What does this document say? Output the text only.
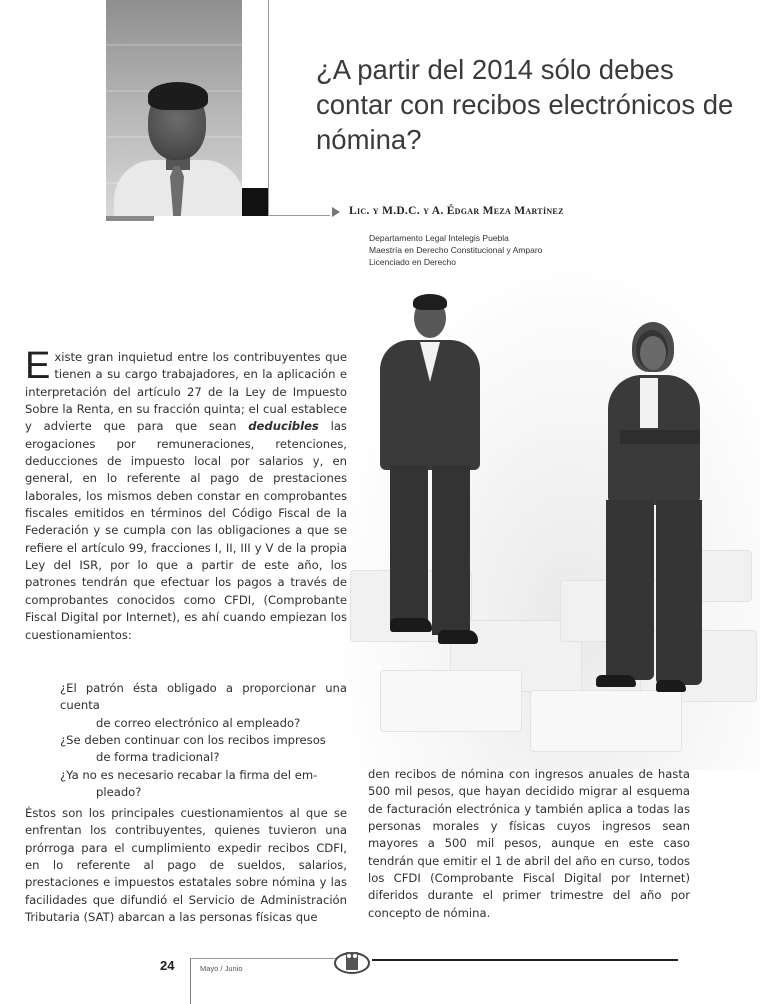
¿A partir del 2014 sólo debes contar con recibos electrónicos de nómina?
Lic. y M.D.C. y A. Édgar Meza Martínez
Departamento Legal Intelegis Puebla
Maestría en Derecho Constitucional y Amparo
Licenciado en Derecho

Existe gran inquietud entre los contribuyentes que tienen a su cargo trabajadores, en la aplicación e interpretación del artículo 27 de la Ley de Impuesto Sobre la Renta, en su fracción quinta; el cual establece y advierte que para que sean deducibles las erogaciones por remuneraciones, retenciones, deducciones de impuesto local por salarios y, en general, en lo referente al pago de prestaciones laborales, los mismos deben constar en comprobantes fiscales emitidos en términos del Código Fiscal de la Federación y se cumpla con las obligaciones a que se refiere el artículo 99, fracciones I, II, III y V de la propia Ley del ISR, por lo que a partir de este año, los patrones tendrán que efectuar los pagos a través de comprobantes conocidos como CFDI, (Comprobante Fiscal Digital por Internet), es ahí cuando empiezan los cuestionamientos:

¿El patrón ésta obligado a proporcionar una cuenta
de correo electrónico al empleado?

¿Se deben continuar con los recibos impresos
de forma tradicional?

¿Ya no es necesario recabar la firma del em-
pleado?

Éstos son los principales cuestionamientos al que se enfrentan los contribuyentes, quienes tuvieron una prórroga para el cumplimiento expedir recibos CDFI, en lo referente al pago de sueldos, salarios, prestaciones e impuestos estatales sobre nómina y las facilidades que difundió el Servicio de Administración Tributaria (SAT) abarcan a las personas físicas que

den recibos de nómina con ingresos anuales de hasta 500 mil pesos, que hayan decidido migrar al esquema de facturación electrónica y también aplica a todas las personas morales y físicas cuyos ingresos sean mayores a 500 mil pesos, aunque en este caso tendrán que emitir el 1 de abril del año en curso, todos los CFDI (Comprobante Fiscal Digital por Internet) diferidos durante el primer trimestre del año por concepto de nómina.

24	Mayo / Junio
